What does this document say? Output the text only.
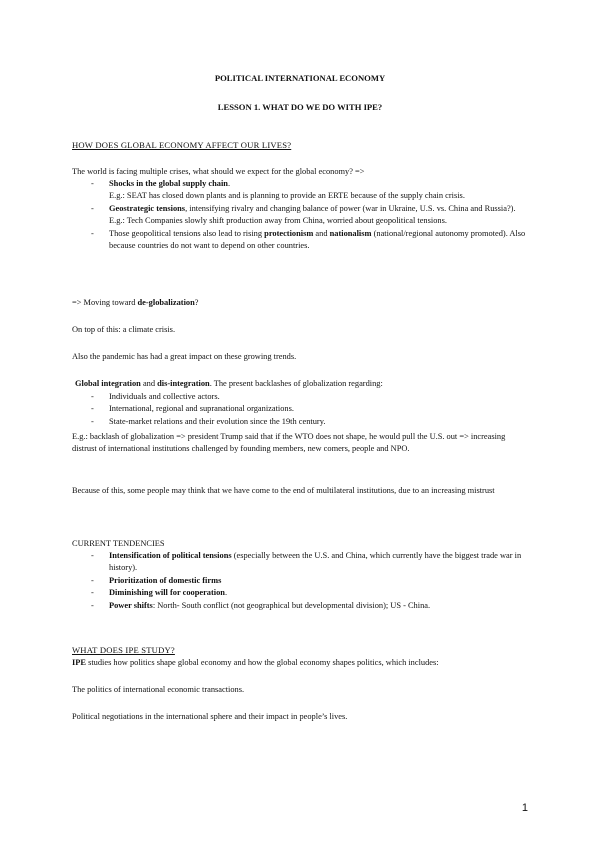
POLITICAL INTERNATIONAL ECONOMY
LESSON 1. WHAT DO WE DO WITH IPE?
HOW DOES GLOBAL ECONOMY AFFECT OUR LIVES?
The world is facing multiple crises, what should we expect for the global economy? =>
- Shocks in the global supply chain.
E.g.: SEAT has closed down plants and is planning to provide an ERTE because of the supply chain crisis.
- Geostrategic tensions, intensifying rivalry and changing balance of power (war in Ukraine, U.S. vs. China and Russia?).
E.g.: Tech Companies slowly shift production away from China, worried about geopolitical tensions.
- Those geopolitical tensions also lead to rising protectionism and nationalism (national/regional autonomy promoted). Also because countries do not want to depend on other countries.
=> Moving toward de-globalization?
On top of this: a climate crisis.
Also the pandemic has had a great impact on these growing trends.
Global integration and dis-integration. The present backlashes of globalization regarding:
- Individuals and collective actors.
- International, regional and supranational organizations.
- State-market relations and their evolution since the 19th century.
E.g.: backlash of globalization => president Trump said that if the WTO does not shape, he would pull the U.S. out => increasing distrust of international institutions challenged by founding members, new comers, people and NPO.
Because of this, some people may think that we have come to the end of multilateral institutions, due to an increasing mistrust
CURRENT TENDENCIES
- Intensification of political tensions (especially between the U.S. and China, which currently have the biggest trade war in history).
- Prioritization of domestic firms
- Diminishing will for cooperation.
- Power shifts: North- South conflict (not geographical but developmental division); US - China.
WHAT DOES IPE STUDY?
IPE studies how politics shape global economy and how the global economy shapes politics, which includes:
The politics of international economic transactions.
Political negotiations in the international sphere and their impact in people’s lives.
1
